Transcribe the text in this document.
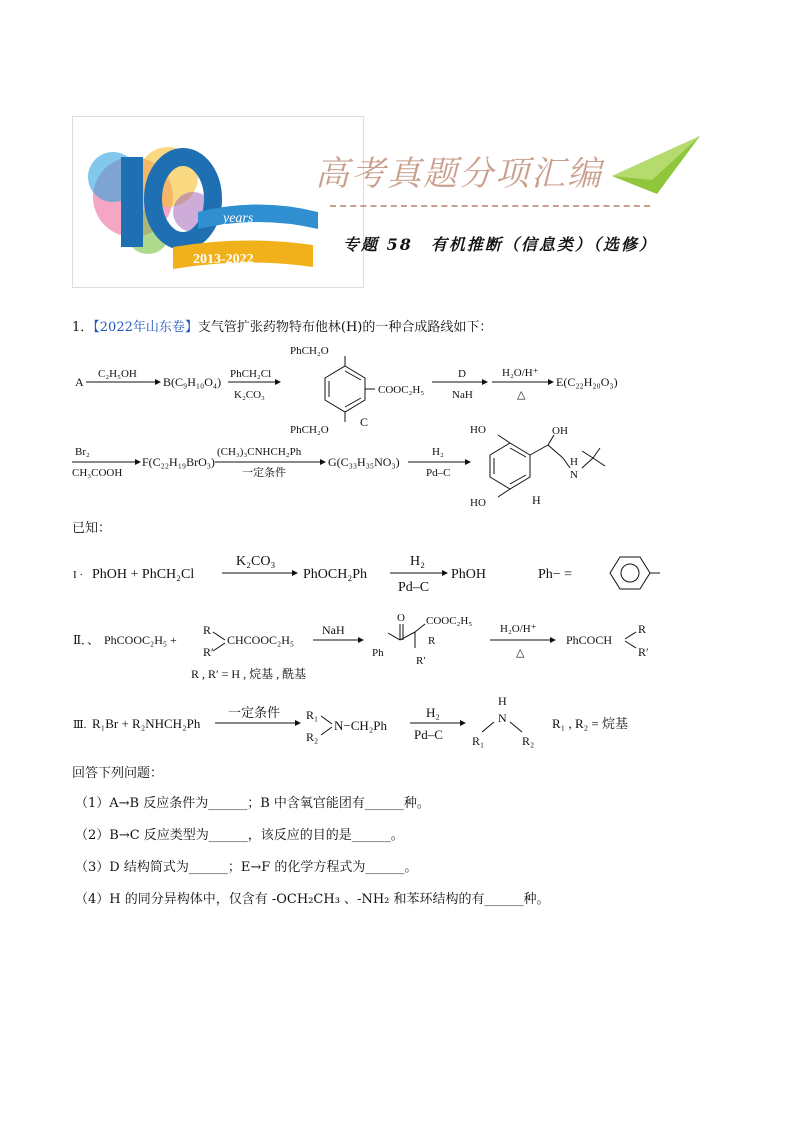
years
2013-2022
高考真题分项汇编
专题 58　有机推断（信息类）（选修）
1．【2022年山东卷】支气管扩张药物特布他林(H)的一种合成路线如下：
A
C₂H₅OH
B(C₉H₁₀O₄)
PhCH₂Cl
K₂CO₃
PhCH₂O
PhCH₂O
COOC₂H₅
C
D
NaH
H₂O/H⁺
△
E(C₂₂H₂₀O₃)
Br₂
CH₃COOH
F(C₂₂H₁₉BrO₃)
(CH₃)₃CNHCH₂Ph
一定条件
G(C₃₃H₃₅NO₃)
H₂
Pd–C
HO
HO
OH
N
H
H
已知：
I · PhOH + PhCH₂Cl
K₂CO₃
PhOCH₂Ph
H₂
Pd–C
PhOH	Ph− =
Ⅱ．、 PhCOOC₂H₅ +
R
R′
CHCOOC₂H₅
NaH
O COOC₂H₅
Ph
R
R′
H₂O/H⁺
△
PhCOCH
R
R′
R , R′ = H , 烷基 , 酰基
Ⅲ. R₁Br + R₂NHCH₂Ph
一定条件 R₁
R₂
N−CH₂Ph
H₂
Pd–C
H
N
R₁	R₂
R₁ , R₂ = 烷基
回答下列问题：
（1）A→B 反应条件为______；B 中含氧官能团有______种。
（2）B→C 反应类型为______，该反应的目的是______。
（3）D 结构简式为______；E→F 的化学方程式为______。
（4）H 的同分异构体中，仅含有 -OCH₂CH₃ 、-NH₂ 和苯环结构的有______种。
